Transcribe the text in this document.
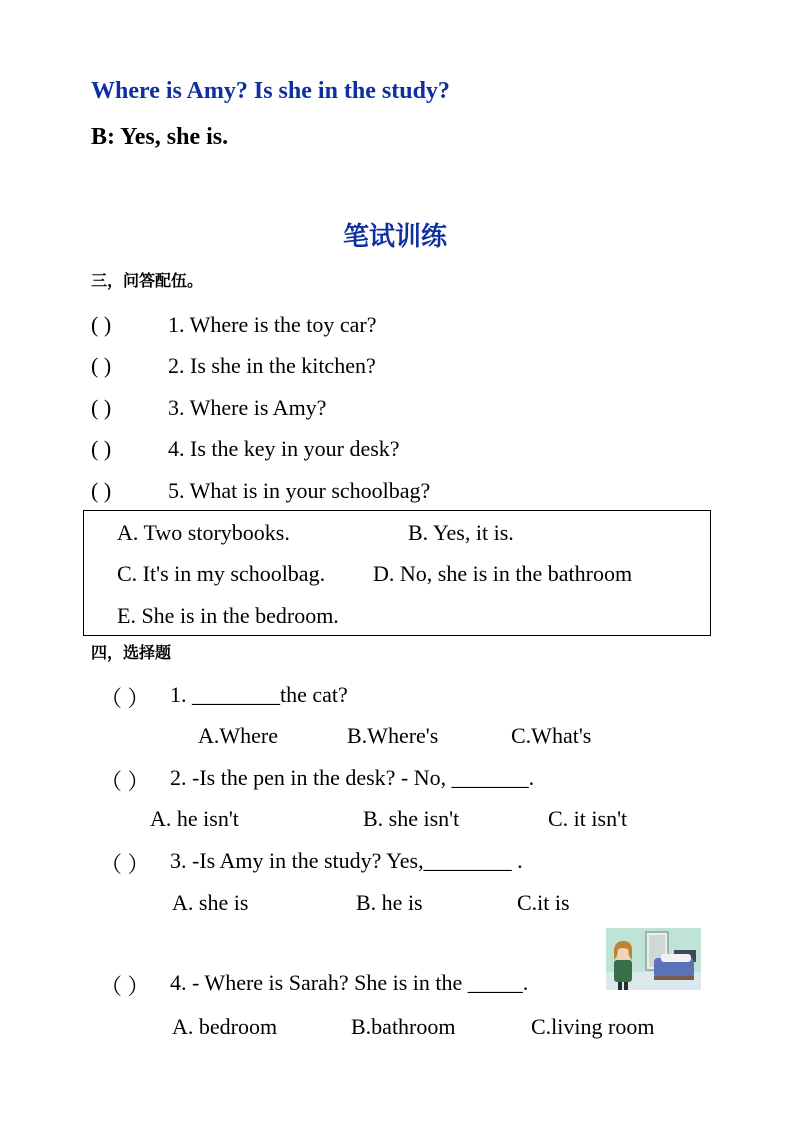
Where is Amy? Is she in the study?
B: Yes, she is.
笔试训练
三，问答配伍。
( )	1. Where is the toy car?
( )	2. Is she in the kitchen?
( )	3. Where is Amy?
( )	4. Is the key in your desk?
( )	5. What is in your schoolbag?
A. Two storybooks.	B. Yes, it is.
C. It's in my schoolbag. D. No, she is in the bathroom
E. She is in the bedroom.
四，选择题
（ ） 1. ________the cat?
A.Where	B.Where's	C.What's
（ ） 2. -Is the pen in the desk? - No, _______.
A. he isn't	B. she isn't	C. it isn't
（ ） 3. -Is Amy in the study? Yes,________ .
A. she is	B. he is	C.it is
（ ） 4. - Where is Sarah? She is in the _____.
A. bedroom	B.bathroom	C.living room
